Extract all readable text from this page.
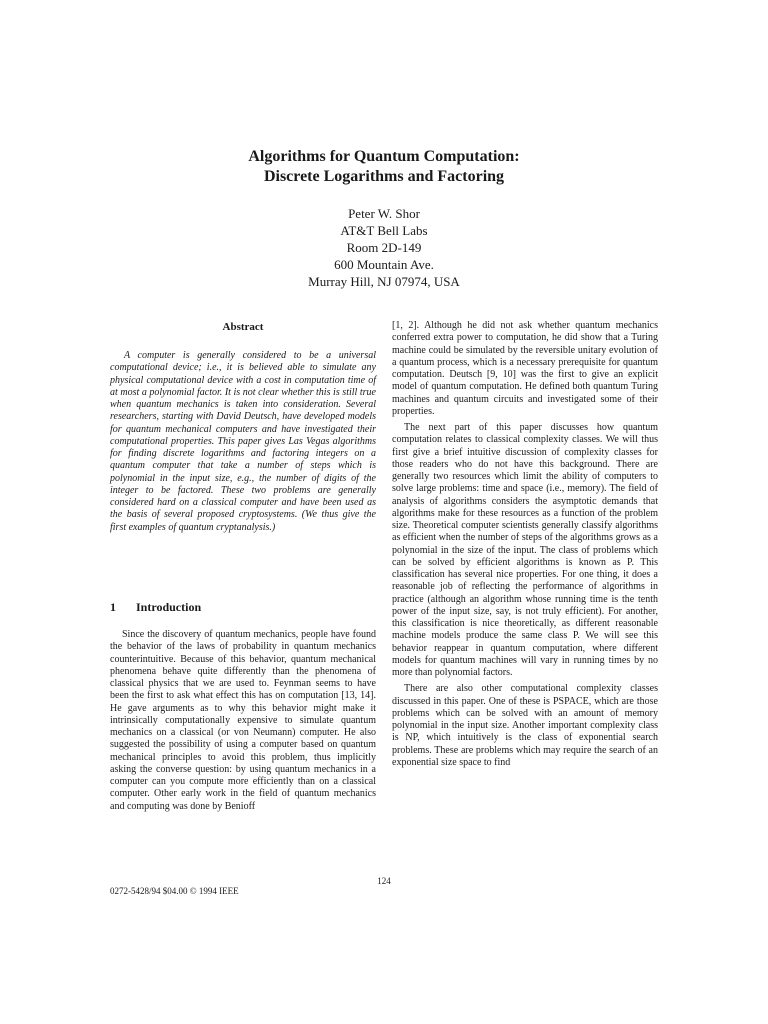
Algorithms for Quantum Computation:
Discrete Logarithms and Factoring
Peter W. Shor
AT&T Bell Labs
Room 2D-149
600 Mountain Ave.
Murray Hill, NJ 07974, USA
Abstract

A computer is generally considered to be a universal computational device; i.e., it is believed able to simulate any physical computational device with a cost in computation time of at most a polynomial factor. It is not clear whether this is still true when quantum mechanics is taken into consideration. Several researchers, starting with David Deutsch, have developed models for quantum mechanical computers and have investigated their computational properties. This paper gives Las Vegas algorithms for finding discrete logarithms and factoring integers on a quantum computer that take a number of steps which is polynomial in the input size, e.g., the number of digits of the integer to be factored. These two problems are generally considered hard on a classical computer and have been used as the basis of several proposed cryptosystems. (We thus give the first examples of quantum cryptanalysis.)

1 Introduction

Since the discovery of quantum mechanics, people have found the behavior of the laws of probability in quantum mechanics counterintuitive. Because of this behavior, quantum mechanical phenomena behave quite differently than the phenomena of classical physics that we are used to. Feynman seems to have been the first to ask what effect this has on computation [13, 14]. He gave arguments as to why this behavior might make it intrinsically computationally expensive to simulate quantum mechanics on a classical (or von Neumann) computer. He also suggested the possibility of using a computer based on quantum mechanical principles to avoid this problem, thus implicitly asking the converse question: by using quantum mechanics in a computer can you compute more efficiently than on a classical computer. Other early work in the field of quantum mechanics and computing was done by Benioff

[1, 2]. Although he did not ask whether quantum mechanics conferred extra power to computation, he did show that a Turing machine could be simulated by the reversible unitary evolution of a quantum process, which is a necessary prerequisite for quantum computation. Deutsch [9, 10] was the first to give an explicit model of quantum computation. He defined both quantum Turing machines and quantum circuits and investigated some of their properties.

The next part of this paper discusses how quantum computation relates to classical complexity classes. We will thus first give a brief intuitive discussion of complexity classes for those readers who do not have this background. There are generally two resources which limit the ability of computers to solve large problems: time and space (i.e., memory). The field of analysis of algorithms considers the asymptotic demands that algorithms make for these resources as a function of the problem size. Theoretical computer scientists generally classify algorithms as efficient when the number of steps of the algorithms grows as a polynomial in the size of the input. The class of problems which can be solved by efficient algorithms is known as P. This classification has several nice properties. For one thing, it does a reasonable job of reflecting the performance of algorithms in practice (although an algorithm whose running time is the tenth power of the input size, say, is not truly efficient). For another, this classification is nice theoretically, as different reasonable machine models produce the same class P. We will see this behavior reappear in quantum computation, where different models for quantum machines will vary in running times by no more than polynomial factors.

There are also other computational complexity classes discussed in this paper. One of these is PSPACE, which are those problems which can be solved with an amount of memory polynomial in the input size. Another important complexity class is NP, which intuitively is the class of exponential search problems. These are problems which may require the search of an exponential size space to find

124
0272-5428/94 $04.00 © 1994 IEEE
